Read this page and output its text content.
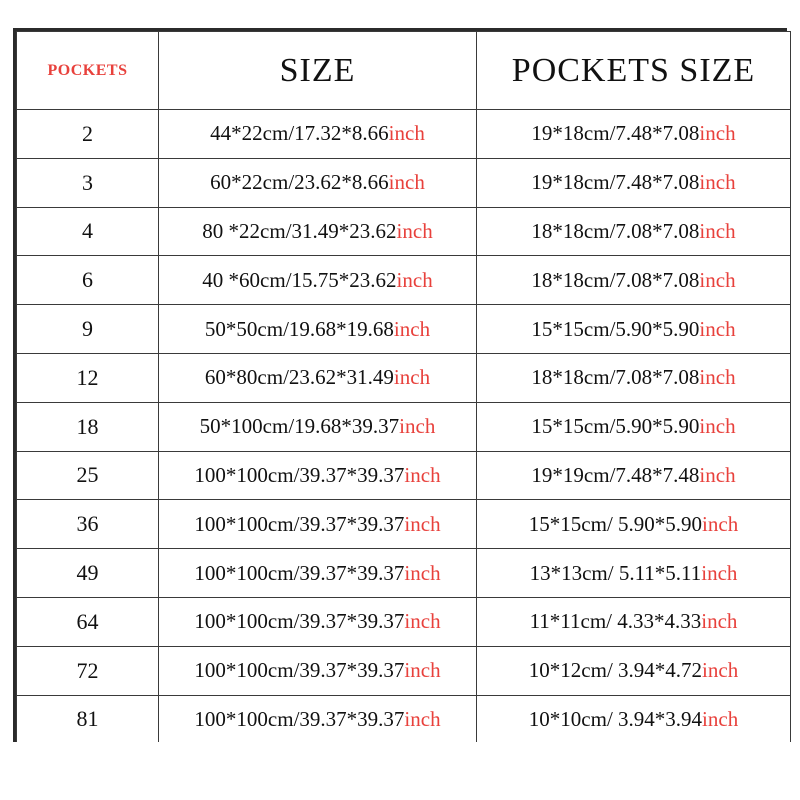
POCKETS	SIZE	POCKETS SIZE
2	44*22cm/17.32*8.66inch	19*18cm/7.48*7.08inch
3	60*22cm/23.62*8.66inch	19*18cm/7.48*7.08inch
4	80 *22cm/31.49*23.62inch	18*18cm/7.08*7.08inch
6	40 *60cm/15.75*23.62inch	18*18cm/7.08*7.08inch
9	50*50cm/19.68*19.68inch	15*15cm/5.90*5.90inch
12	60*80cm/23.62*31.49inch	18*18cm/7.08*7.08inch
18	50*100cm/19.68*39.37inch	15*15cm/5.90*5.90inch
25	100*100cm/39.37*39.37inch	19*19cm/7.48*7.48inch
36	100*100cm/39.37*39.37inch	15*15cm/ 5.90*5.90inch
49	100*100cm/39.37*39.37inch	13*13cm/ 5.11*5.11inch
64	100*100cm/39.37*39.37inch	11*11cm/ 4.33*4.33inch
72	100*100cm/39.37*39.37inch	10*12cm/ 3.94*4.72inch
81	100*100cm/39.37*39.37inch	10*10cm/ 3.94*3.94inch
